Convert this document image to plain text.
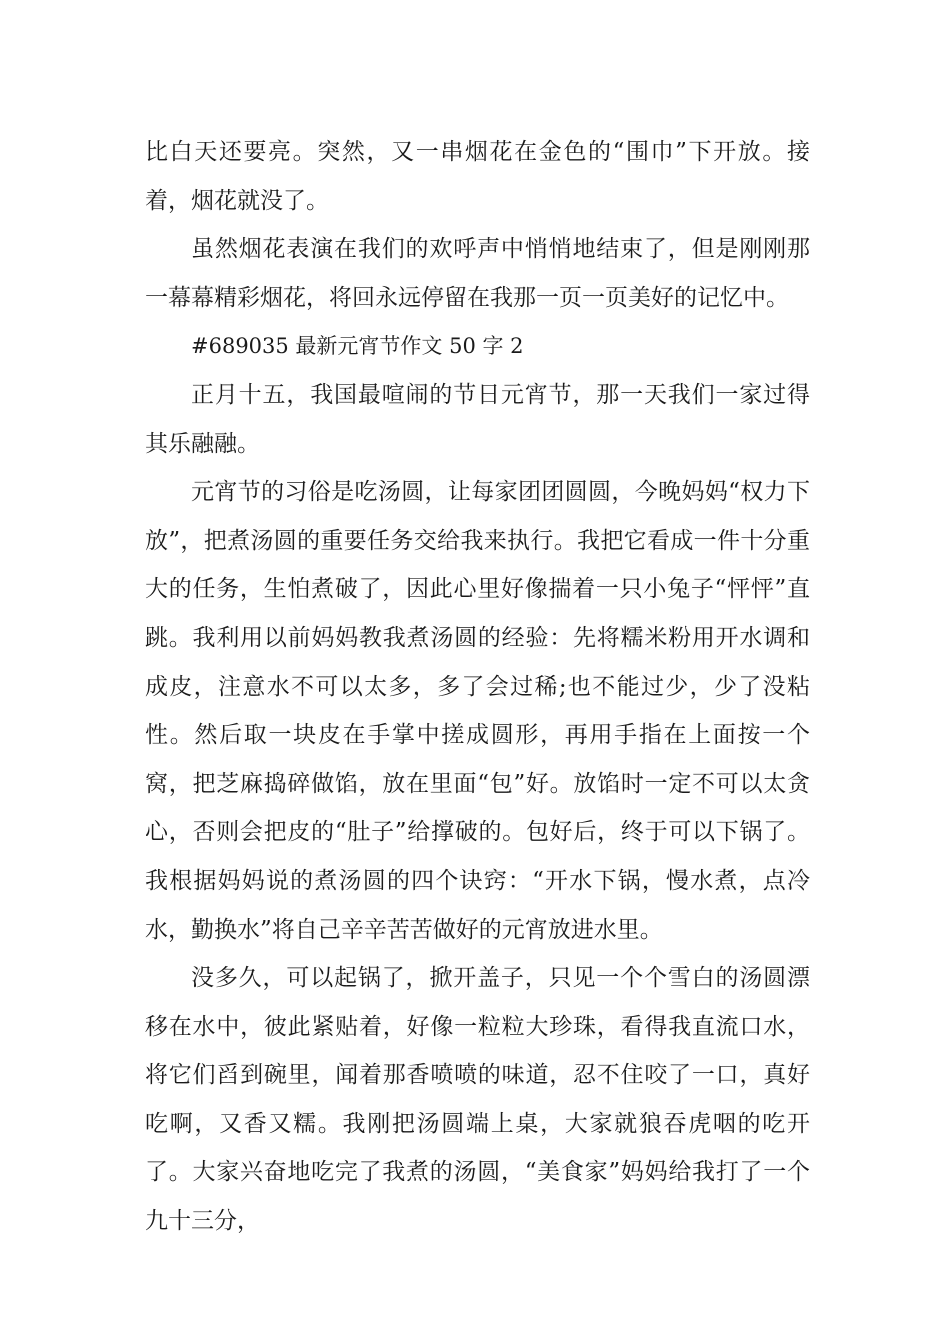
比白天还要亮。突然，又一串烟花在金色的“围巾”下开放。接着，烟花就没了。

虽然烟花表演在我们的欢呼声中悄悄地结束了，但是刚刚那一幕幕精彩烟花，将回永远停留在我那一页一页美好的记忆中。

#689035 最新元宵节作文 50 字 2

正月十五，我国最喧闹的节日元宵节，那一天我们一家过得其乐融融。

元宵节的习俗是吃汤圆，让每家团团圆圆，今晚妈妈“权力下放”，把煮汤圆的重要任务交给我来执行。我把它看成一件十分重大的任务，生怕煮破了，因此心里好像揣着一只小兔子“怦怦”直跳。我利用以前妈妈教我煮汤圆的经验：先将糯米粉用开水调和成皮，注意水不可以太多，多了会过稀;也不能过少，少了没粘性。然后取一块皮在手掌中搓成圆形，再用手指在上面按一个窝，把芝麻捣碎做馅，放在里面“包”好。放馅时一定不可以太贪心，否则会把皮的“肚子”给撑破的。包好后，终于可以下锅了。我根据妈妈说的煮汤圆的四个诀窍：“开水下锅，慢水煮，点冷水，勤换水”将自己辛辛苦苦做好的元宵放进水里。

没多久，可以起锅了，掀开盖子，只见一个个雪白的汤圆漂移在水中，彼此紧贴着，好像一粒粒大珍珠，看得我直流口水，将它们舀到碗里，闻着那香喷喷的味道，忍不住咬了一口，真好吃啊，又香又糯。我刚把汤圆端上桌，大家就狼吞虎咽的吃开了。大家兴奋地吃完了我煮的汤圆，“美食家”妈妈给我打了一个九十三分，
